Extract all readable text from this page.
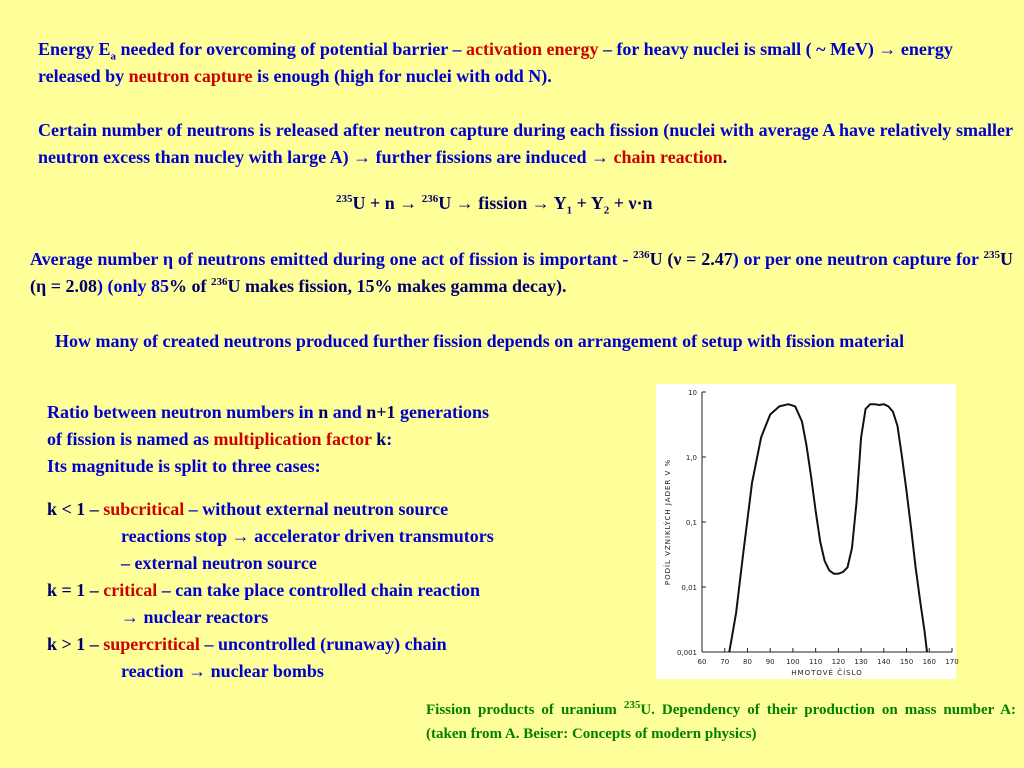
Energy $E_a$ needed for overcoming of potential barrier – activation energy – for heavy nuclei is small ( ~ MeV) → energy released by neutron capture is enough (high for nuclei with odd N).
Certain number of neutrons is released after neutron capture during each fission (nuclei with average A have relatively smaller neutron excess than nucley with large A) → further fissions are induced → chain reaction.
$^{235}$U + n → $^{236}$U → fission → $Y_1 + Y_2 + \nu\cdot n$
Average number η of neutrons emitted during one act of fission is important - $^{236}$U (ν = 2.47) or per one neutron capture for $^{235}$U (η = 2.08) (only 85% of $^{236}$U makes fission, 15% makes gamma decay).
How many of created neutrons produced further fission depends on arrangement of setup with fission material
Ratio between neutron numbers in n and n+1 generations
of fission is named as multiplication factor k:
Its magnitude is split to three cases:
k < 1 – subcritical – without external neutron source
reactions stop → accelerator driven transmutors
– external neutron source
k = 1 – critical – can take place controlled chain reaction
→ nuclear reactors
k > 1 – supercritical – uncontrolled (runaway) chain
reaction → nuclear bombs	60 70 80 90 100 110 120 130 140 150 160 170
10
1,0
0,1
0,01
0,001
HMOTOVÉ ČÍSLO
PODÍL VZNIKLÝCH JADER V %
Fission products of uranium $^{235}$U. Dependency of their production on mass number A: (taken from A. Beiser: Concepts of modern physics)
